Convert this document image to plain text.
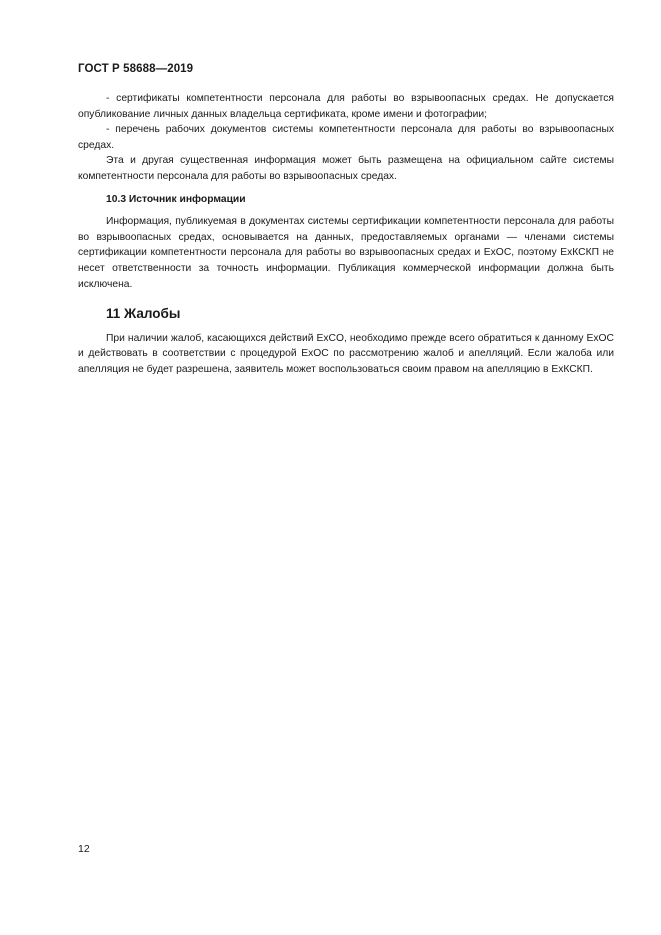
ГОСТ Р 58688—2019

- сертификаты компетентности персонала для работы во взрывоопасных средах. Не допускается опубликование личных данных владельца сертификата, кроме имени и фотографии;

- перечень рабочих документов системы компетентности персонала для работы во взрывоопасных средах.

Эта и другая существенная информация может быть размещена на официальном сайте системы компетентности персонала для работы во взрывоопасных средах.

10.3 Источник информации

Информация, публикуемая в документах системы сертификации компетентности персонала для работы во взрывоопасных средах, основывается на данных, предоставляемых органами — членами системы сертификации компетентности персонала для работы во взрывоопасных средах и ExOC, поэтому ExКСКП не несет ответственности за точность информации. Публикация коммерческой информации должна быть исключена.

11 Жалобы

При наличии жалоб, касающихся действий ExCO, необходимо прежде всего обратиться к данному ExOC и действовать в соответствии с процедурой ExOC по рассмотрению жалоб и апелляций. Если жалоба или апелляция не будет разрешена, заявитель может воспользоваться своим правом на апелляцию в ExКСКП.

12
